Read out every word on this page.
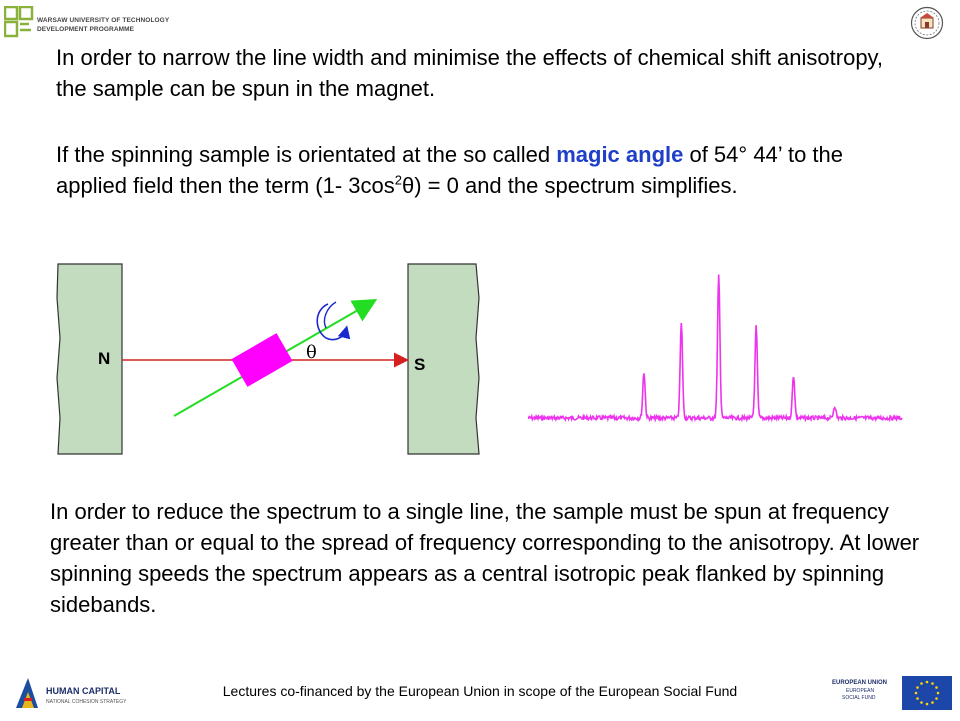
WARSAW UNIVERSITY OF TECHNOLOGY
DEVELOPMENT PROGRAMME
In order to narrow the line width and minimise the effects of chemical shift anisotropy, the sample can be spun in the magnet.
If the spinning sample is orientated at the so called magic angle of 54° 44’ to the applied field then the term (1- $3\cos^2\theta) = 0$ and the spectrum simplifies.
N	S
θ
In order to reduce the spectrum to a single line, the sample must be spun at frequency greater than or equal to the spread of frequency corresponding to the anisotropy. At lower spinning speeds the spectrum appears as a central isotropic peak flanked by spinning sidebands.
HUMAN CAPITAL
NATIONAL COHESION STRATEGY
Lectures co-financed by the European Union in scope of the European Social Fund	EUROPEAN UNION
EUROPEAN
SOCIAL FUND
